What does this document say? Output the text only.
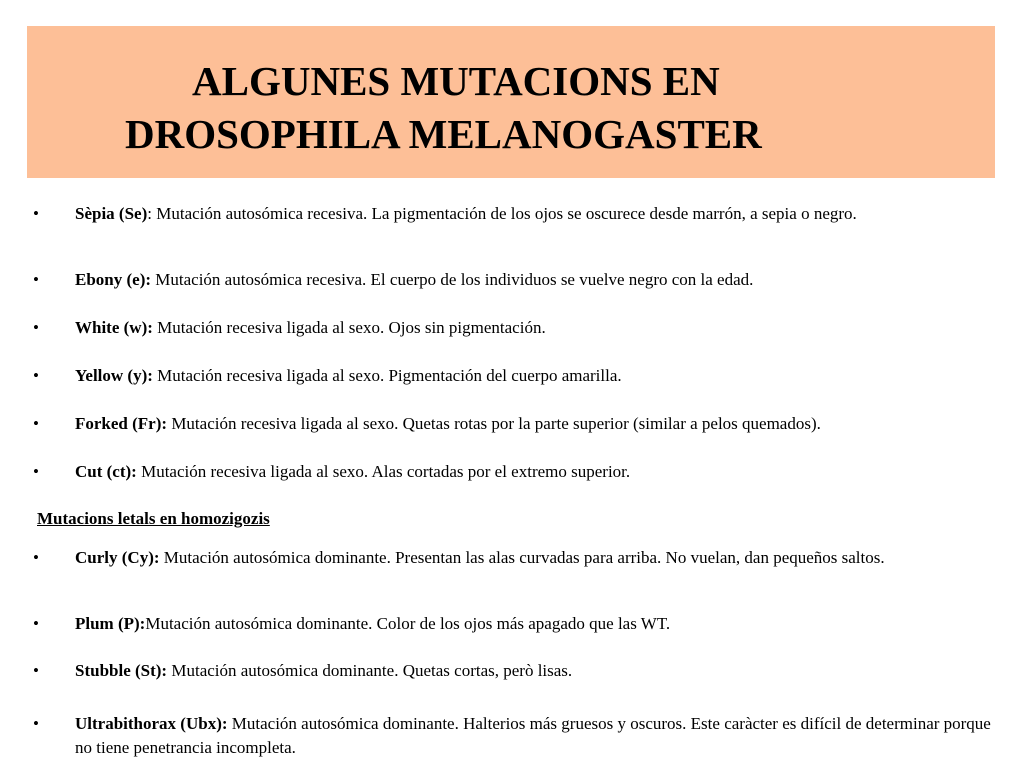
ALGUNES MUTACIONS EN
DROSOPHILA MELANOGASTER
•	Sèpia (Se): Mutación autosómica recesiva. La pigmentación de los ojos se oscurece desde marrón, a sepia o negro.
•	Ebony (e): Mutación autosómica recesiva. El cuerpo de los individuos se vuelve negro con la edad.
•	White (w): Mutación recesiva ligada al sexo. Ojos sin pigmentación.
•	Yellow (y): Mutación recesiva ligada al sexo. Pigmentación del cuerpo amarilla.
•	Forked (Fr): Mutación recesiva ligada al sexo. Quetas rotas por la parte superior (similar a pelos quemados).
•	Cut (ct): Mutación recesiva ligada al sexo. Alas cortadas por el extremo superior.
Mutacions letals en homozigozis
•	Curly (Cy): Mutación autosómica dominante. Presentan las alas curvadas para arriba. No vuelan, dan pequeños saltos.
•	Plum (P):Mutación autosómica dominante. Color de los ojos más apagado que las WT.
•	Stubble (St): Mutación autosómica dominante. Quetas cortas, però lisas.
•	Ultrabithorax (Ubx): Mutación autosómica dominante. Halterios más gruesos y oscuros. Este caràcter es difícil de determinar porque no tiene penetrancia incompleta.
